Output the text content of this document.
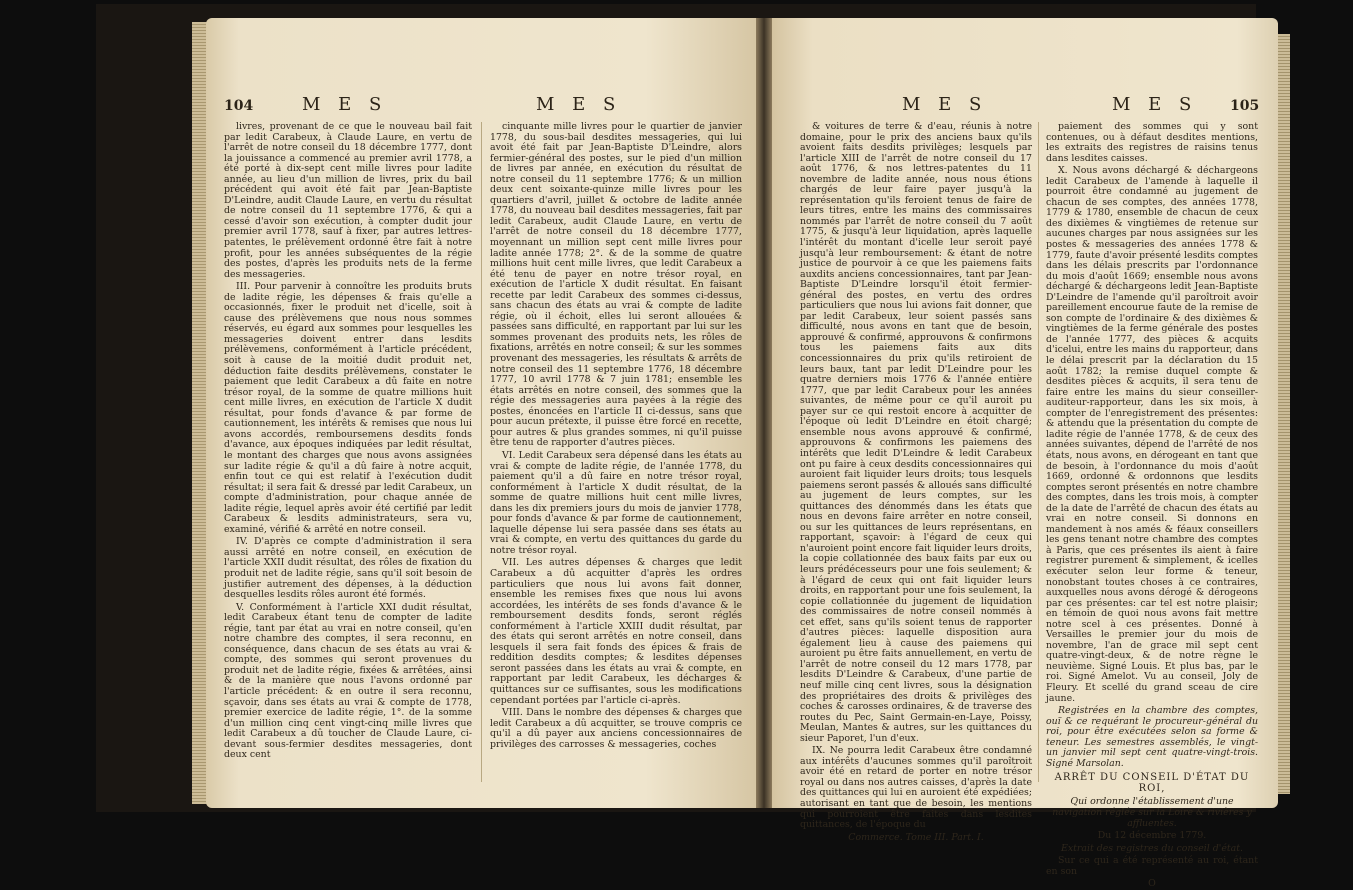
104	M E S	M E S

livres, provenant de ce que le nouveau bail fait par ledit Carabeux, à Claude Laure, en vertu de l'arrêt de notre conseil du 18 décembre 1777, dont la jouissance a commencé au premier avril 1778, a été porté à dix-sept cent mille livres pour ladite année, au lieu d'un million de livres, prix du bail précédent qui avoit été fait par Jean-Baptiste D'Leindre, audit Claude Laure, en vertu du résultat de notre conseil du 11 septembre 1776, & qui a cessé d'avoir son exécution, à compter dudit jour premier avril 1778, sauf à fixer, par autres lettres-patentes, le prélèvement ordonné être fait à notre profit, pour les années subséquentes de la régie des postes, d'après les produits nets de la ferme des messageries.

III. Pour parvenir à connoître les produits bruts de ladite régie, les dépenses & frais qu'elle a occasionnés, fixer le produit net d'icelle, soit à cause des prélèvemens que nous nous sommes réservés, eu égard aux sommes pour lesquelles les messageries doivent entrer dans lesdits prélèvemens, conformément à l'article précédent, soit à cause de la moitié dudit produit net, déduction faite desdits prélèvemens, constater le paiement que ledit Carabeux a dû faite en notre trésor royal, de la somme de quatre millions huit cent mille livres, en exécution de l'article X dudit résultat, pour fonds d'avance & par forme de cautionnement, les intérêts & remises que nous lui avons accordés, remboursemens desdits fonds d'avance, aux époques indiquées par ledit résultat, le montant des charges que nous avons assignées sur ladite régie & qu'il a dû faire à notre acquit, enfin tout ce qui est relatif à l'exécution dudit résultat; il sera fait & dressé par ledit Carabeux, un compte d'administration, pour chaque année de ladite régie, lequel après avoir été certifié par ledit Carabeux & lesdits administrateurs, sera vu, examiné, vérifié & arrêté en notre conseil.

IV. D'après ce compte d'administration il sera aussi arrêté en notre conseil, en exécution de l'article XXII dudit résultat, des rôles de fixation du produit net de ladite régie, sans qu'il soit besoin de justifier autrement des dépenses, à la déduction desquelles lesdits rôles auront été formés.

V. Conformément à l'article XXI dudit résultat, ledit Carabeux étant tenu de compter de ladite régie, tant par état au vrai en notre conseil, qu'en notre chambre des comptes, il sera reconnu, en conséquence, dans chacun de ses états au vrai & compte, des sommes qui seront provenues du produit net de ladite régie, fixées & arrêtées, ainsi & de la manière que nous l'avons ordonné par l'article précédent: & en outre il sera reconnu, sçavoir, dans ses états au vrai & compte de 1778, premier exercice de ladite régie, 1°. de la somme d'un million cinq cent vingt-cinq mille livres que ledit Carabeux a dû toucher de Claude Laure, ci-devant sous-fermier desdites messageries, dont deux cent

cinquante mille livres pour le quartier de janvier 1778, du sous-bail desdites messageries, qui lui avoit été fait par Jean-Baptiste D'Leindre, alors fermier-général des postes, sur le pied d'un million de livres par année, en exécution du résultat de notre conseil du 11 septembre 1776; & un million deux cent soixante-quinze mille livres pour les quartiers d'avril, juillet & octobre de ladite année 1778, du nouveau bail desdites messageries, fait par ledit Carabeux, audit Claude Laure, en vertu de l'arrêt de notre conseil du 18 décembre 1777, moyennant un million sept cent mille livres pour ladite année 1778; 2°. & de la somme de quatre millions huit cent mille livres, que ledit Carabeux a été tenu de payer en notre trésor royal, en exécution de l'article X dudit résultat. En faisant recette par ledit Carabeux des sommes ci-dessus, sans chacun des états au vrai & compte de ladite régie, où il échoit, elles lui seront allouées & passées sans difficulté, en rapportant par lui sur les sommes provenant des produits nets, les rôles de fixations, arrêtés en notre conseil; & sur les sommes provenant des messageries, les résultats & arrêts de notre conseil des 11 septembre 1776, 18 décembre 1777, 10 avril 1778 & 7 juin 1781; ensemble les états arrêtés en notre conseil, des sommes que la régie des messageries aura payées à la régie des postes, énoncées en l'article II ci-dessus, sans que pour aucun prétexte, il puisse être forcé en recette, pour autres & plus grandes sommes, ni qu'il puisse être tenu de rapporter d'autres pièces.

VI. Ledit Carabeux sera dépensé dans les états au vrai & compte de ladite régie, de l'année 1778, du paiement qu'il a dû faire en notre trésor royal, conformément à l'article X dudit résultat, de la somme de quatre millions huit cent mille livres, dans les dix premiers jours du mois de janvier 1778, pour fonds d'avance & par forme de cautionnement, laquelle dépense lui sera passée dans ses états au vrai & compte, en vertu des quittances du garde du notre trésor royal.

VII. Les autres dépenses & charges que ledit Carabeux a dû acquitter d'après les ordres particuliers que nous lui avons fait donner, ensemble les remises fixes que nous lui avons accordées, les intérêts de ses fonds d'avance & le remboursement desdits fonds, seront réglés conformément à l'article XXIII dudit résultat, par des états qui seront arrêtés en notre conseil, dans lesquels il sera fait fonds des épices & frais de reddition desdits comptes; & lesdites dépenses seront passées dans les états au vrai & compte, en rapportant par ledit Carabeux, les décharges & quittances sur ce suffisantes, sous les modifications cependant portées par l'article ci-après.

VIII. Dans le nombre des dépenses & charges que ledit Carabeux a dû acquitter, se trouve compris ce qu'il a dû payer aux anciens concessionnaires de privilèges des carrosses & messageries, coches

M E S	M E S 105

& voitures de terre & d'eau, réunis à notre domaine, pour le prix des anciens baux qu'ils avoient faits desdits privilèges; lesquels par l'article XIII de l'arrêt de notre conseil du 17 août 1776, & nos lettres-patentes du 11 novembre de ladite année, nous nous étions chargés de leur faire payer jusqu'à la représentation qu'ils feroient tenus de faire de leurs titres, entre les mains des commissaires nommés par l'arrêt de notre conseil du 7 août 1775, & jusqu'à leur liquidation, après laquelle l'intérêt du montant d'icelle leur seroit payé jusqu'à leur remboursement: & étant de notre justice de pourvoir à ce que les paiemens faits auxdits anciens concessionnaires, tant par Jean-Baptiste D'Leindre lorsqu'il étoit fermier-général des postes, en vertu des ordres particuliers que nous lui avions fait donner, que par ledit Carabeux, leur soient passés sans difficulté, nous avons en tant que de besoin, approuvé & confirmé, approuvons & confirmons tous les paiemens faits aux dits concessionnaires du prix qu'ils retiroient de leurs baux, tant par ledit D'Leindre pour les quatre derniers mois 1776 & l'année entière 1777, que par ledit Carabeux pour les années suivantes, de même pour ce qu'il auroit pu payer sur ce qui restoit encore à acquitter de l'époque où ledit D'Leindre en étoit chargé; ensemble nous avons approuvé & confirmé, approuvons & confirmons les paiemens des intérêts que ledit D'Leindre & ledit Carabeux ont pu faire à ceux desdits concessionnaires qui auroient fait liquider leurs droits; tous lesquels paiemens seront passés & alloués sans difficulté au jugement de leurs comptes, sur les quittances des dénommés dans les états que nous en devons faire arrêter en notre conseil, ou sur les quittances de leurs représentans, en rapportant, sçavoir: à l'égard de ceux qui n'auroient point encore fait liquider leurs droits, la copie collationnée des baux faits par eux ou leurs prédécesseurs pour une fois seulement; & à l'égard de ceux qui ont fait liquider leurs droits, en rapportant pour une fois seulement, la copie collationnée du jugement de liquidation des commissaires de notre conseil nommés à cet effet, sans qu'ils soient tenus de rapporter d'autres pièces: laquelle disposition aura également lieu à cause des paiemens qui auroient pu être faits annuellement, en vertu de l'arrêt de notre conseil du 12 mars 1778, par lesdits D'Leindre & Carabeux, d'une partie de neuf mille cinq cent livres, sous la désignation des propriétaires des droits & privilèges des coches & carosses ordinaires, & de traverse des routes du Pec, Saint Germain-en-Laye, Poissy, Meulan, Mantes & autres, sur les quittances du sieur Paporet, l'un d'eux.

IX. Ne pourra ledit Carabeux être condamné aux intérêts d'aucunes sommes qu'il paroîtroit avoir été en retard de porter en notre trésor royal ou dans nos autres caisses, d'après la date des quittances qui lui en auroient été expédiées; autorisant en tant que de besoin, les mentions qui pourroient être faites dans lesdites quittances, de l'époque du

Commerce. Tome III. Part. I.

paiement des sommes qui y sont contenues, ou à défaut desdites mentions, les extraits des registres de raisins tenus dans lesdites caisses.

X. Nous avons déchargé & déchargeons ledit Carabeux de l'amende à laquelle il pourroit être condamné au jugement de chacun de ses comptes, des années 1778, 1779 & 1780, ensemble de chacun de ceux des dixièmes & vingtièmes de retenue sur aucunes charges par nous assignées sur les postes & messageries des années 1778 & 1779, faute d'avoir présenté lesdits comptes dans les délais prescrits par l'ordonnance du mois d'août 1669; ensemble nous avons déchargé & déchargeons ledit Jean-Baptiste D'Leindre de l'amende qu'il paroîtroit avoir pareillement encourue faute de la remise de son compte de l'ordinaire & des dixièmes & vingtièmes de la ferme générale des postes de l'année 1777, des pièces & acquits d'icelui, entre les mains du rapporteur, dans le délai prescrit par la déclaration du 15 août 1782; la remise duquel compte & desdites pièces & acquits, il sera tenu de faire entre les mains du sieur conseiller-auditeur-rapporteur, dans les six mois, à compter de l'enregistrement des présentes: & attendu que la présentation du compte de ladite régie de l'année 1778, & de ceux des années suivantes, dépend de l'arrêté de nos états, nous avons, en dérogeant en tant que de besoin, à l'ordonnance du mois d'août 1669, ordonné & ordonnons que lesdits comptes seront présentés en notre chambre des comptes, dans les trois mois, à compter de la date de l'arrêté de chacun des états au vrai en notre conseil. Si donnons en mandement à nos amés & féaux conseillers les gens tenant notre chambre des comptes à Paris, que ces présentes ils aient à faire registrer purement & simplement, & icelles exécuter selon leur forme & teneur, nonobstant toutes choses à ce contraires, auxquelles nous avons dérogé & dérogeons par ces présentes: car tel est notre plaisir; en témoin de quoi nous avons fait mettre notre scel à ces présentes. Donné à Versailles le premier jour du mois de novembre, l'an de grace mil sept cent quatre-vingt-deux, & de notre règne le neuvième. Signé Louis. Et plus bas, par le roi. Signé Amelot. Vu au conseil, Joly de Fleury. Et scellé du grand sceau de cire jaune.

Registrées en la chambre des comptes, ouï & ce requérant le procureur-général du roi, pour être exécutées selon sa forme & teneur. Les semestres assemblés, le vingt-un janvier mil sept cent quatre-vingt-trois. Signé Marsolan.

ARRÊT DU CONSEIL D'ÉTAT DU ROI,
Qui ordonne l'établissement d'une navigation réglée sur la Loire & rivières y affluentes.
Du 12 décembre 1779.
Extrait des registres du conseil d'état.

Sur ce qui a été représenté au roi, étant en son

O
